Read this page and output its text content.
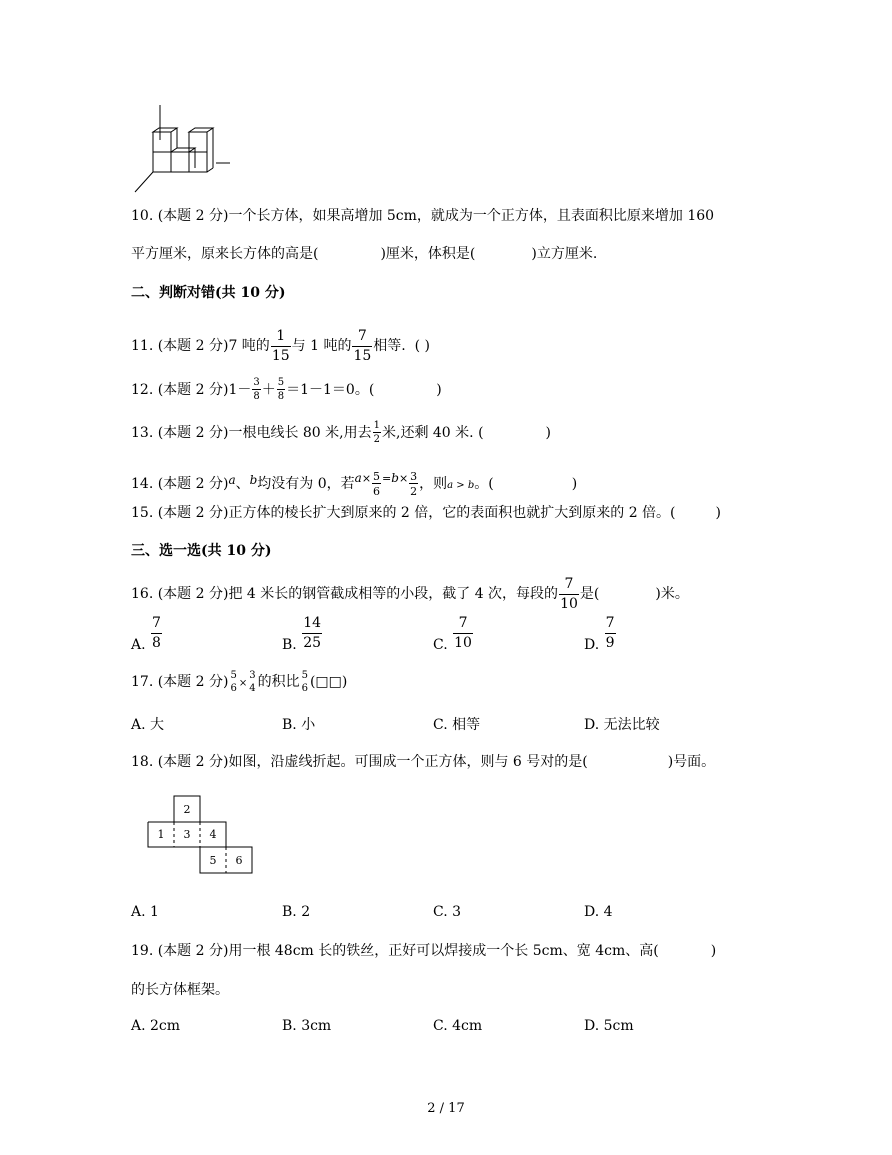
10. (本题 2 分)一个长方体，如果高增加 5cm，就成为一个正方体，且表面积比原来增加 160
平方厘米，原来长方体的高是(	)厘米，体积是(	)立方厘米.
二、判断对错(共 10 分)
11. (本题 2 分)7 吨的 $\frac{1}{15}$ 与 1 吨的 $\frac{7}{15}$ 相等. ( )
12. (本题 2 分)$1- \frac{3}{8} + \frac{5}{8} =1-1=0$。(	)
13. (本题 2 分)一根电线长 80 米,用去 $\frac{1}{2}$ 米,还剩 40 米. (	)
14. (本题 2 分)a、b均没有为 0，若$a^\times \frac{5}{6} ^=b^\times \frac{3}{2}$ ，则a > b。(	)
15. (本题 2 分)正方体的棱长扩大到原来的 2 倍，它的表面积也就扩大到原来的 2 倍。(	)
三、选一选(共 10 分)
16. (本题 2 分)把 4 米长的钢管截成相等的小段，截了 4 次，每段的 $\frac{7}{10}$ 是(	)米。
A. $\frac{7}{8}$	B. $\frac{14}{25}$	C. $\frac{7}{10}$	D. $\frac{7}{9}$
17. (本题 2 分) 5
6 ×
3
4 的积比 5
6 (□□)
A. 大	B. 小	C. 相等	D. 无法比较
18. (本题 2 分)如图，沿虚线折起。可围成一个正方体，则与 6 号对的是(	)号面。
2
1 3 4
5 6
A. 1	B. 2	C. 3	D. 4
19. (本题 2 分)用一根 48cm 长的铁丝，正好可以焊接成一个长 5cm、宽 4cm、高(	)
的长方体框架。
A. 2cm	B. 3cm	C. 4cm	D. 5cm
2 / 17
